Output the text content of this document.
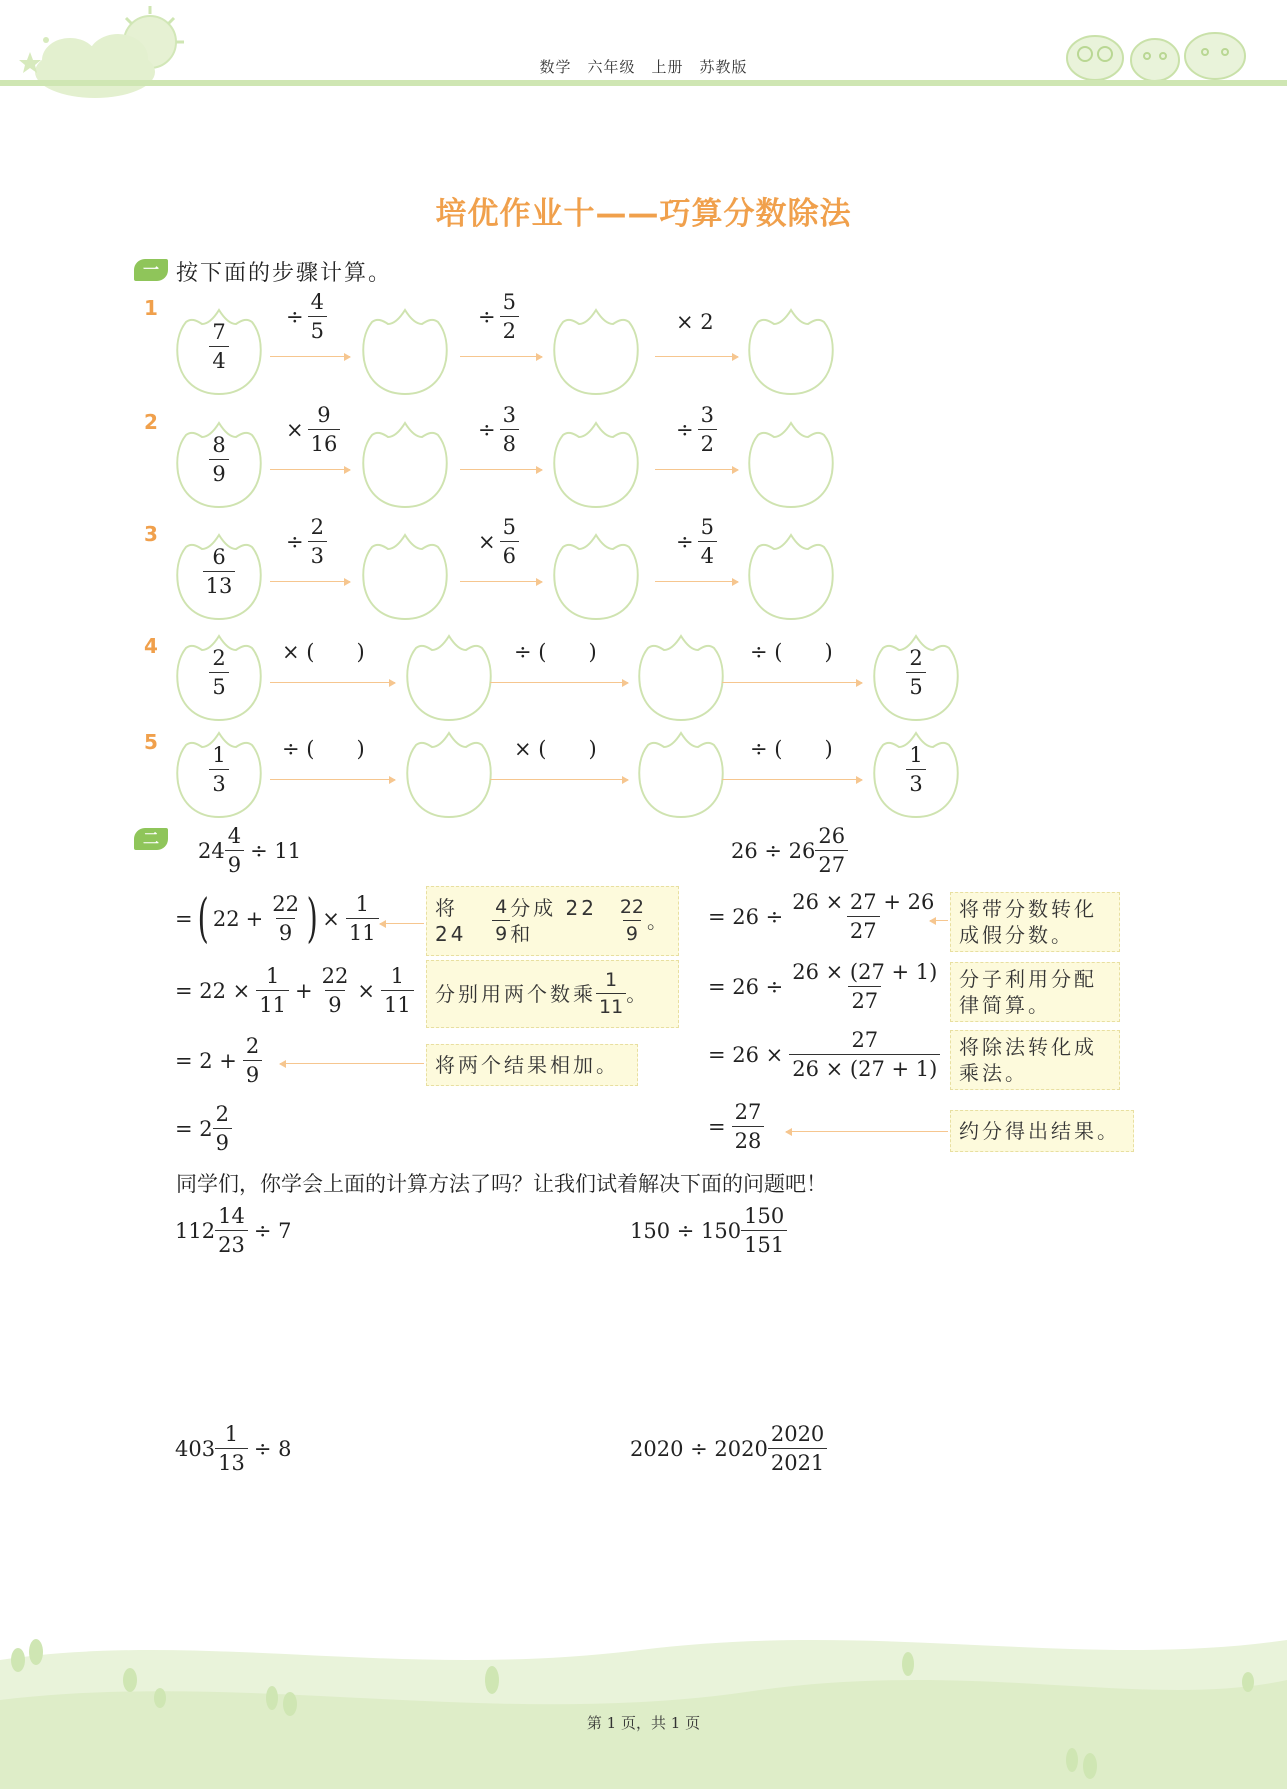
数学　六年级　上册　苏教版
培优作业十——巧算分数除法
一 按下面的步骤计算。
1
$\frac{7}{4}$
÷ $\frac{4}{5}$	÷ $\frac{5}{2}$	× 2
2
$\frac{8}{9}$
× $\frac{9}{16}$	÷ $\frac{3}{8}$	÷ $\frac{3}{2}$
3
$\frac{6}{13}$
÷ $\frac{2}{3}$	× $\frac{5}{6}$	÷ $\frac{5}{4}$
$4 \frac{2}{5}$	$\frac{2}{5}$
× (　　)	÷ (　　)	÷ (　　)
5
$\frac{1}{3}$	$\frac{1}{3}$
÷ (　　)	× (　　)	÷ (　　)
二
$24 \frac{4}{9} \div 11$
= ( $22 + \frac{22}{9}$ ) × $\frac{1}{11}$	将 24	$\frac{4}{9}$ 分成 22 和	$\frac{22}{9}$ 。
= $22 \times \frac{1}{11} + \frac{22}{9} \times \frac{1}{11}$ 分别用两个数乘 $\frac{1}{11}$ 。
= $2 + \frac{2}{9}$	将两个结果相加。
= $2 \frac{2}{9}$
$26 \div 26 \frac{26}{27}$
= $26 \div \frac{26 \times 27 + 26}{27}$ 将带分数转化
成假分数。
= $26 \div \frac{26 \times (27 + 1)}{27}$ 分子利用分配
律简算。
= $26 \times \frac{27}{26 \times (27 + 1)}$ 将除法转化成
乘法。
= $\frac{27}{28}$	约分得出结果。
同学们，你学会上面的计算方法了吗？让我们试着解决下面的问题吧！
$112 \frac{14}{23} \div 7$	$150 \div 150 \frac{150}{151}$
$403 \frac{1}{13} \div 8$	$2020 \div 2020 \frac{2020}{2021}$
第 1 页，共 1 页
